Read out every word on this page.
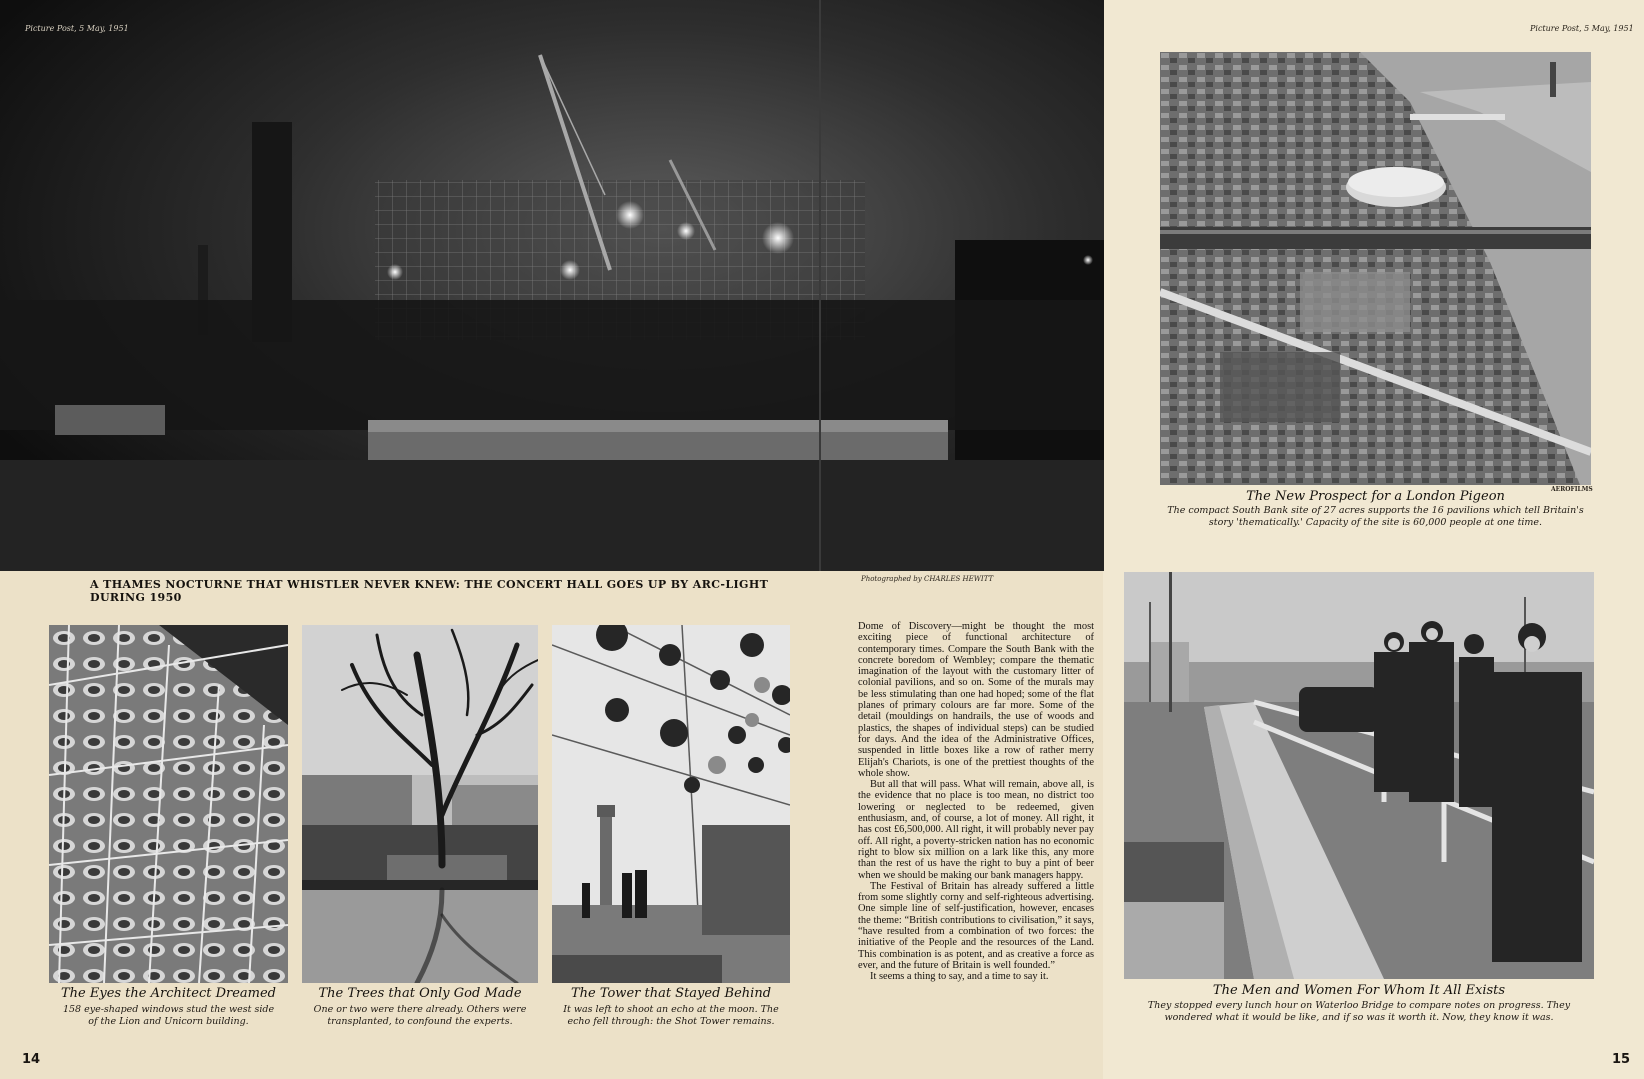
Picture Post, 5 May, 1951	Picture Post, 5 May, 1951
A THAMES NOCTURNE THAT WHISTLER NEVER KNEW: THE CONCERT HALL GOES UP BY ARC-LIGHT DURING 1950
Photographed by CHARLES HEWITT
AEROFILMS
The New Prospect for a London Pigeon
The compact South Bank site of 27 acres supports the 16 pavilions which tell Britain's story 'thematically.' Capacity of the site is 60,000 people at one time.
The Eyes the Architect Dreamed
158 eye-shaped windows stud the west side of the Lion and Unicorn building.
The Trees that Only God Made
One or two were there already. Others were transplanted, to confound the experts.
The Tower that Stayed Behind
It was left to shoot an echo at the moon. The echo fell through: the Shot Tower remains.

Dome of Discovery—might be thought the most exciting piece of functional architecture of contemporary times. Compare the South Bank with the concrete boredom of Wembley; compare the thematic imagination of the layout with the customary litter of colonial pavilions, and so on. Some of the murals may be less stimulating than one had hoped; some of the flat planes of primary colours are far more. Some of the detail (mouldings on handrails, the use of woods and plastics, the shapes of individual steps) can be studied for days. And the idea of the Administrative Offices, suspended in little boxes like a row of rather merry Elijah's Chariots, is one of the prettiest thoughts of the whole show.

But all that will pass. What will remain, above all, is the evidence that no place is too mean, no district too lowering or neglected to be redeemed, given enthusiasm, and, of course, a lot of money. All right, it has cost £6,500,000. All right, it will probably never pay off. All right, a poverty-stricken nation has no economic right to blow six million on a lark like this, any more than the rest of us have the right to buy a pint of beer when we should be making our bank managers happy.

The Festival of Britain has already suffered a little from some slightly corny and self-righteous advertising. One simple line of self-justification, however, encases the theme: “British contributions to civilisation,” it says, “have resulted from a combination of two forces: the initiative of the People and the resources of the Land. This combination is as potent, and as creative a force as ever, and the future of Britain is well founded.”

It seems a thing to say, and a time to say it.

The Men and Women For Whom It All Exists
They stopped every lunch hour on Waterloo Bridge to compare notes on progress. They wondered what it would be like, and if so was it worth it. Now, they know it was.
14	15
